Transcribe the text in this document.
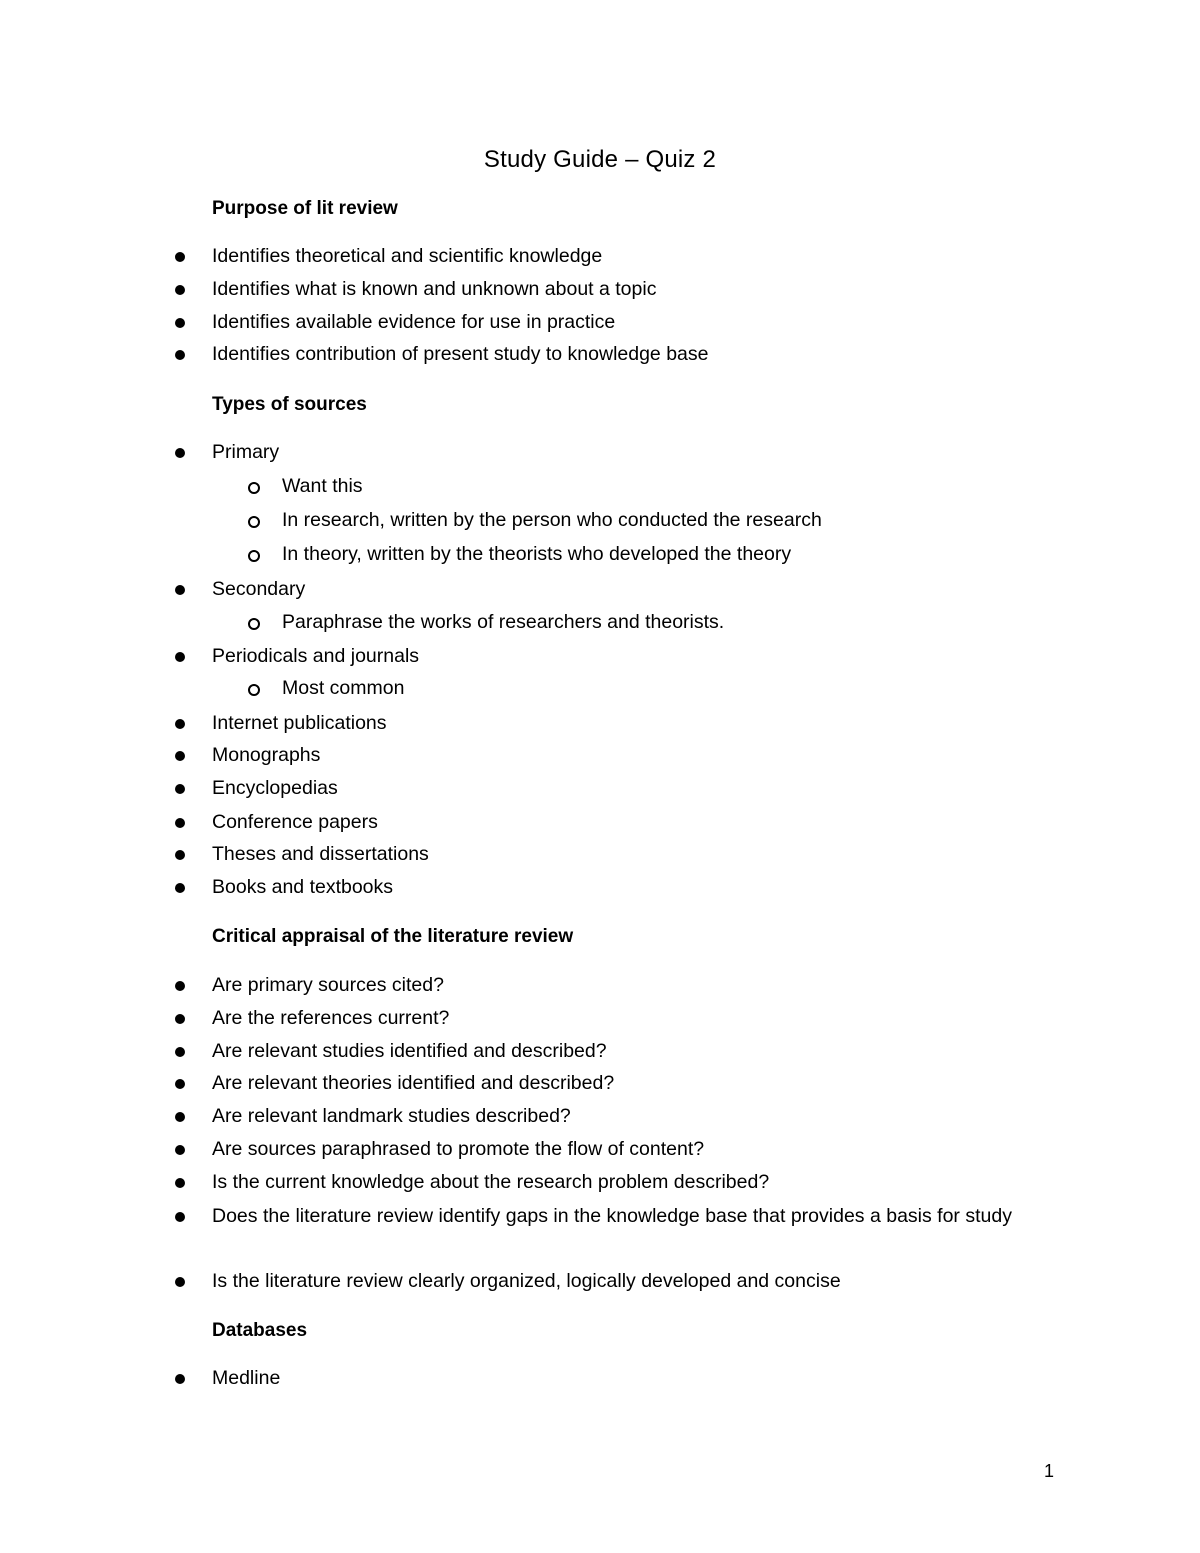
Study Guide – Quiz 2
Purpose of lit review
Identifies theoretical and scientific knowledge
Identifies what is known and unknown about a topic
Identifies available evidence for use in practice
Identifies contribution of present study to knowledge base
Types of sources
Primary
Want this
In research, written by the person who conducted the research
In theory, written by the theorists who developed the theory
Secondary
Paraphrase the works of researchers and theorists.
Periodicals and journals
Most common
Internet publications
Monographs
Encyclopedias
Conference papers
Theses and dissertations
Books and textbooks
Critical appraisal of the literature review
Are primary sources cited?
Are the references current?
Are relevant studies identified and described?
Are relevant theories identified and described?
Are relevant landmark studies described?
Are sources paraphrased to promote the flow of content?
Is the current knowledge about the research problem described?
Does the literature review identify gaps in the knowledge base that provides a basis for study
Is the literature review clearly organized, logically developed and concise
Databases
Medline
1
